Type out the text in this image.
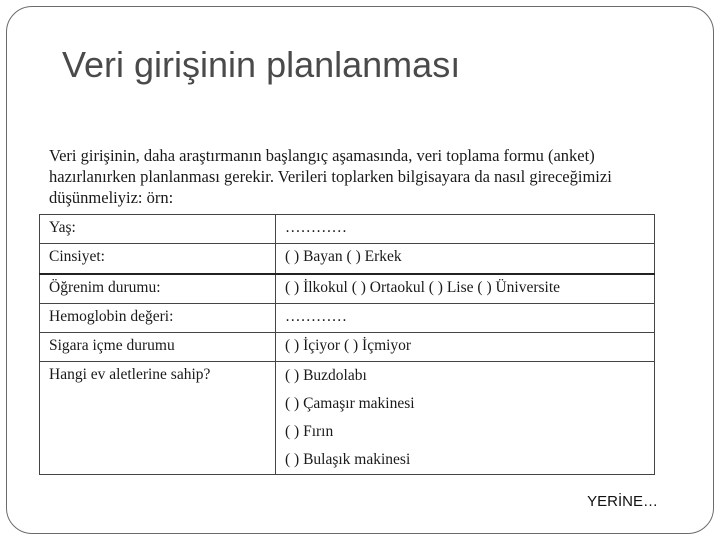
Veri girişinin planlanması
Veri girişinin, daha araştırmanın başlangıç aşamasında, veri toplama formu (anket)
hazırlanırken planlanması gerekir. Verileri toplarken bilgisayara da nasıl gireceğimizi
düşünmeliyiz: örn:
Yaş:	…………
Cinsiyet:	( ) Bayan ( ) Erkek
Öğrenim durumu:	( ) İlkokul ( ) Ortaokul ( ) Lise ( ) Üniversite
Hemoglobin değeri:	…………
Sigara içme durumu	( ) İçiyor ( ) İçmiyor
Hangi ev aletlerine sahip?	( ) Buzdolabı
( ) Çamaşır makinesi
( ) Fırın
( ) Bulaşık makinesi
YERİNE…
